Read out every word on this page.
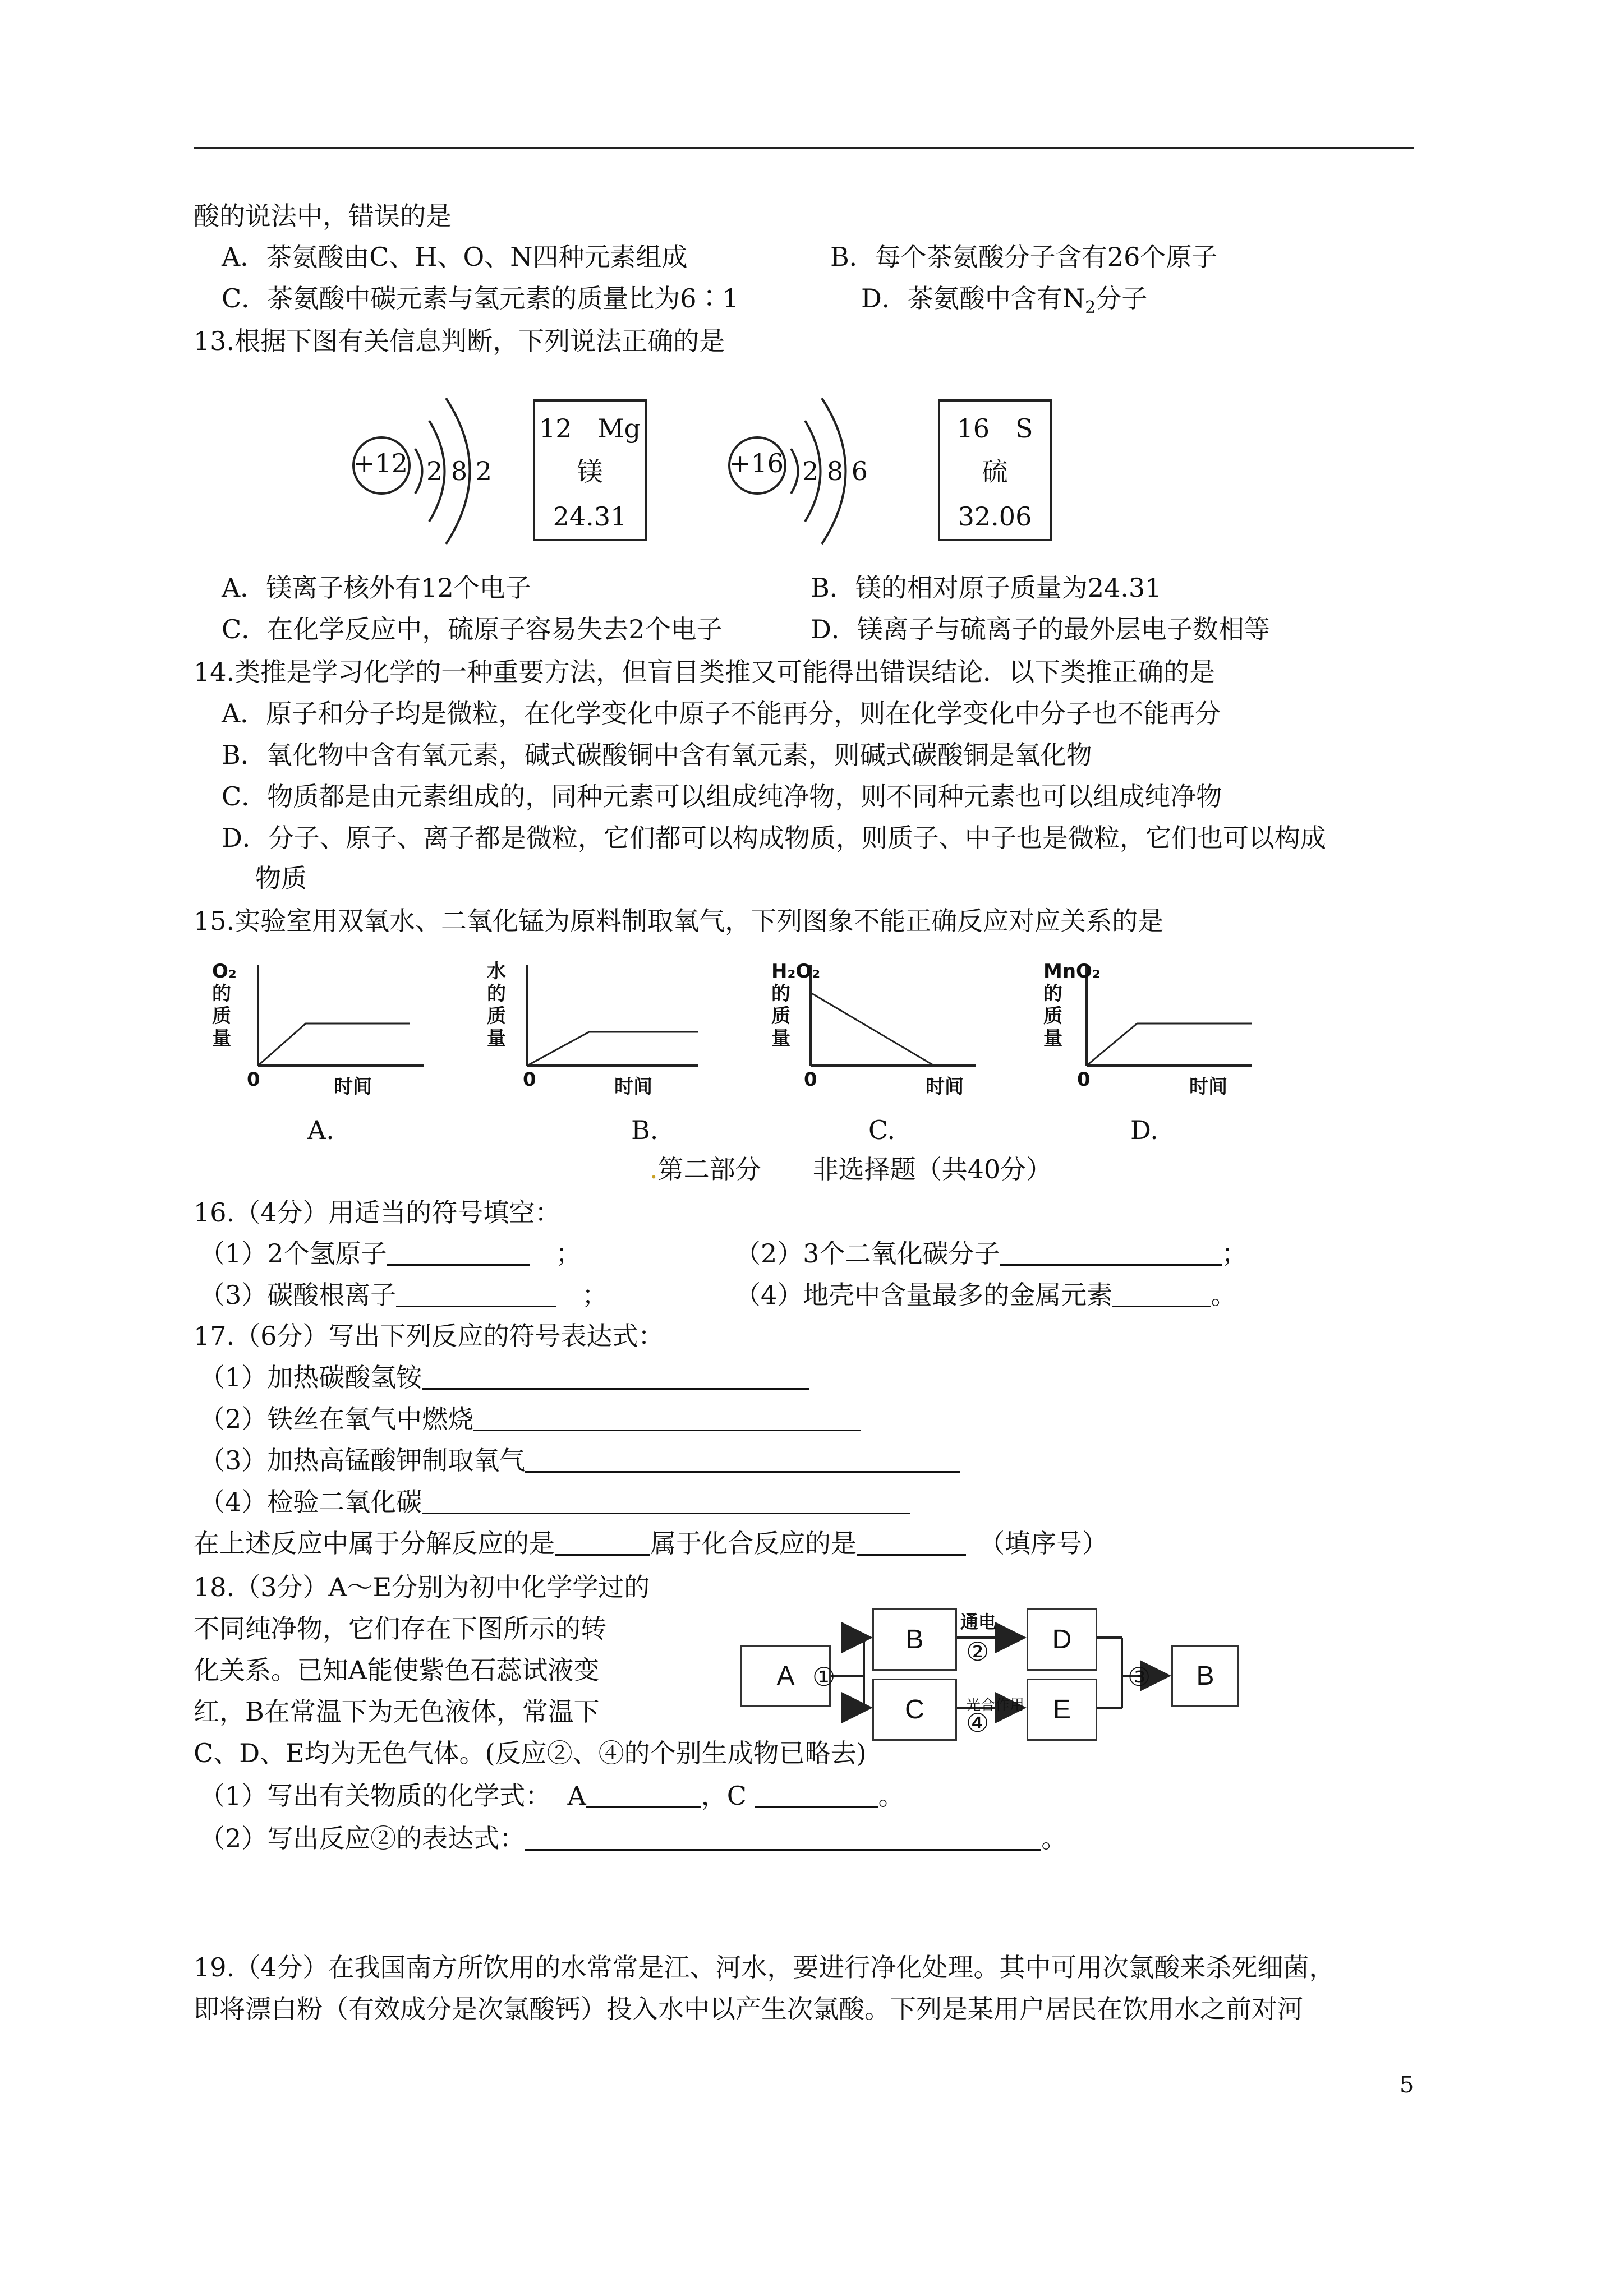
酸的说法中，错误的是
A．茶氨酸由C、H、O、N四种元素组成	B．每个茶氨酸分子含有26个原子
C．茶氨酸中碳元素与氢元素的质量比为6∶1	D．茶氨酸中含有$N_2$分子
13.根据下图有关信息判断，下列说法正确的是
+12 2 8 2	+16 2 8 6
12　 Mg
镁
24.31
16　 S
硫
32.06
A．镁离子核外有12个电子	B．镁的相对原子质量为24.31
C．在化学反应中，硫原子容易失去2个电子	D．镁离子与硫离子的最外层电子数相等
14.类推是学习化学的一种重要方法，但盲目类推又可能得出错误结论．以下类推正确的是
A．原子和分子均是微粒，在化学变化中原子不能再分，则在化学变化中分子也不能再分
B．氧化物中含有氧元素，碱式碳酸铜中含有氧元素，则碱式碳酸铜是氧化物
C．物质都是由元素组成的，同种元素可以组成纯净物，则不同种元素也可以组成纯净物
D．分子、原子、离子都是微粒，它们都可以构成物质，则质子、中子也是微粒，它们也可以构成
物质
15.实验室用双氧水、二氧化锰为原料制取氧气，下列图象不能正确反应对应关系的是
O₂的质量
0	时间
A.
水的质量
0	时间
B.
H₂O₂的质量
0	时间
C.
MnO₂的质量
0	时间
D.
.第二部分　　非选择题（共40分）
16.（4分）用适当的符号填空：
（1）2个氢原子　	；	（2）3个二氧化碳分子	；
（3）碳酸根离子　	；	（4）地壳中含量最多的金属元素	。
17.（6分）写出下列反应的符号表达式：
（1）加热碳酸氢铵
（2）铁丝在氧气中燃烧
（3）加热高锰酸钾制取氧气
（4）检验二氧化碳
在上述反应中属于分解反应的是	属于化合反应的是　	（填序号）
18.（3分）A～E分别为初中化学学过的
不同纯净物，它们存在下图所示的转
化关系。已知A能使紫色石蕊试液变
红，B在常温下为无色液体，常温下
C、D、E均为无色气体。(反应②、④的个别生成物已略去)
（1）写出有关物质的化学式：  A	，C	。
（2）写出反应②的表达式：	。
A
B
C
D
E
B
①
通电
②
③
光合作用
④
19.（4分）在我国南方所饮用的水常常是江、河水，要进行净化处理。其中可用次氯酸来杀死细菌，
即将漂白粉（有效成分是次氯酸钙）投入水中以产生次氯酸。下列是某用户居民在饮用水之前对河
5
